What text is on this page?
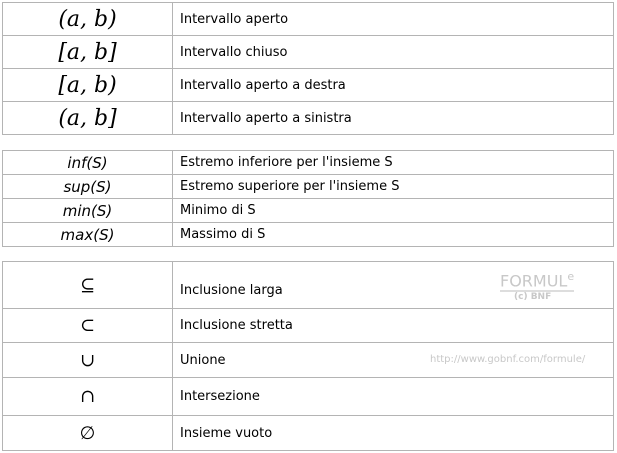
FORMUL$^e$
(c) BNF
http://www.gobnf.com/formule/
(a, b)	Intervallo aperto
[a, b]	Intervallo chiuso
[a, b)	Intervallo aperto a destra
(a, b]	Intervallo aperto a sinistra
inf(S)	Estremo inferiore per l'insieme S
sup(S)	Estremo superiore per l'insieme S
min(S)	Minimo di S
max(S)	Massimo di S
⊆	Inclusione larga
⊂	Inclusione stretta
∪	Unione
∩	Intersezione
∅	Insieme vuoto
